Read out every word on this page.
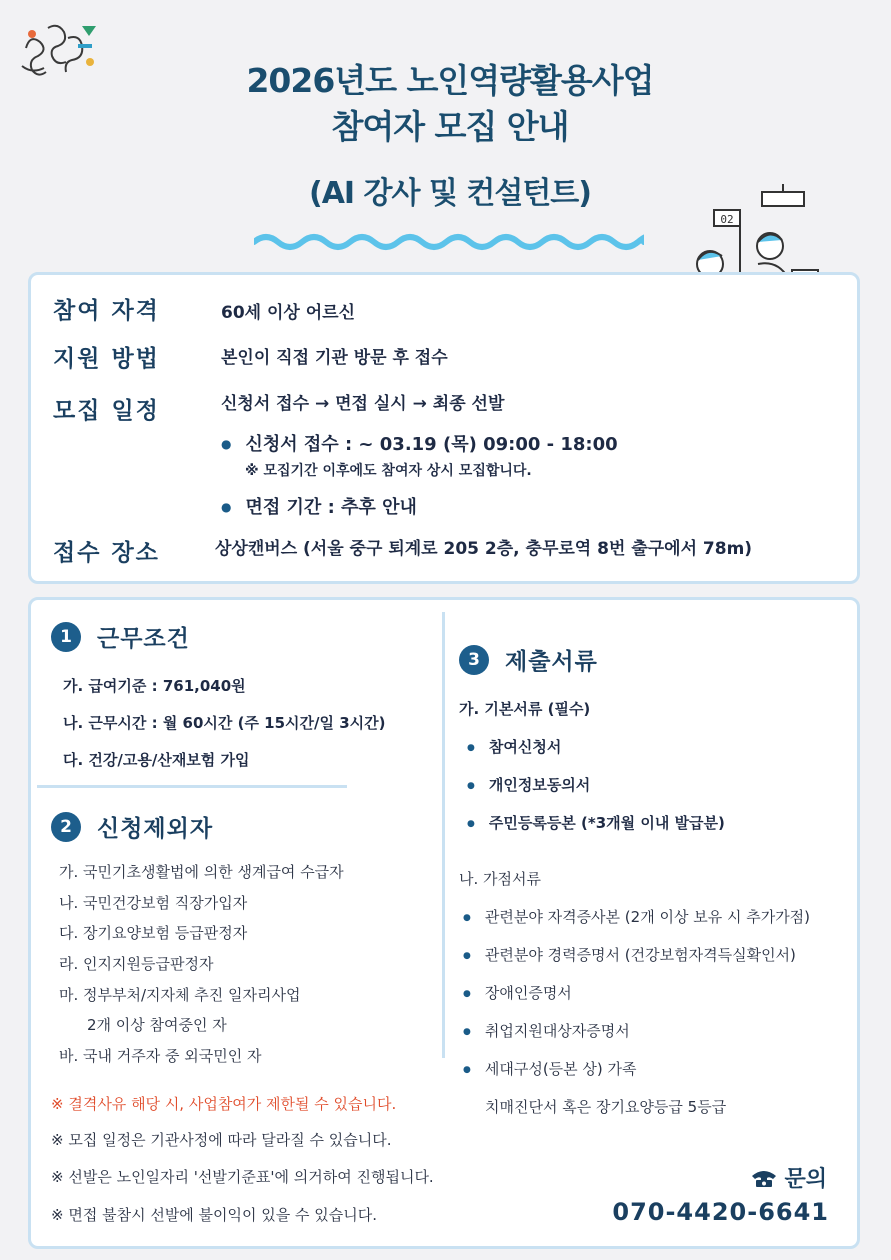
2026년도 노인역량활용사업
참여자 모집 안내
(AI 강사 및 컨설턴트)
02
참여 자격	60세 이상 어르신
지원 방법	본인이 직접 기관 방문 후 접수
모집 일정	신청서 접수 → 면접 실시 → 최종 선발
● 신청서 접수 : ~ 03.19 (목) 09:00 - 18:00
※ 모집기간 이후에도 참여자 상시 모집합니다.
● 면접 기간 : 추후 안내
접수 장소	상상캔버스 (서울 중구 퇴계로 205 2층, 충무로역 8번 출구에서 78m)
1	근무조건
가. 급여기준 : 761,040원
나. 근무시간 : 월 60시간 (주 15시간/일 3시간)
다. 건강/고용/산재보험 가입
2	신청제외자
가. 국민기초생활법에 의한 생계급여 수급자
나. 국민건강보험 직장가입자
다. 장기요양보험 등급판정자
라. 인지지원등급판정자
마. 정부부처/지자체 추진 일자리사업
2개 이상 참여중인 자
바. 국내 거주자 중 외국민인 자
3	제출서류
가. 기본서류 (필수)
● 참여신청서
● 개인정보동의서
● 주민등록등본 (*3개월 이내 발급분)
나. 가점서류
● 관련분야 자격증사본 (2개 이상 보유 시 추가가점)
● 관련분야 경력증명서 (건강보험자격득실확인서)
● 장애인증명서
● 취업지원대상자증명서
● 세대구성(등본 상) 가족
치매진단서 혹은 장기요양등급 5등급
※ 결격사유 해당 시, 사업참여가 제한될 수 있습니다.
※ 모집 일정은 기관사정에 따라 달라질 수 있습니다.
※ 선발은 노인일자리 '선발기준표'에 의거하여 진행됩니다.
※ 면접 불참시 선발에 불이익이 있을 수 있습니다.
문의
070-4420-6641
